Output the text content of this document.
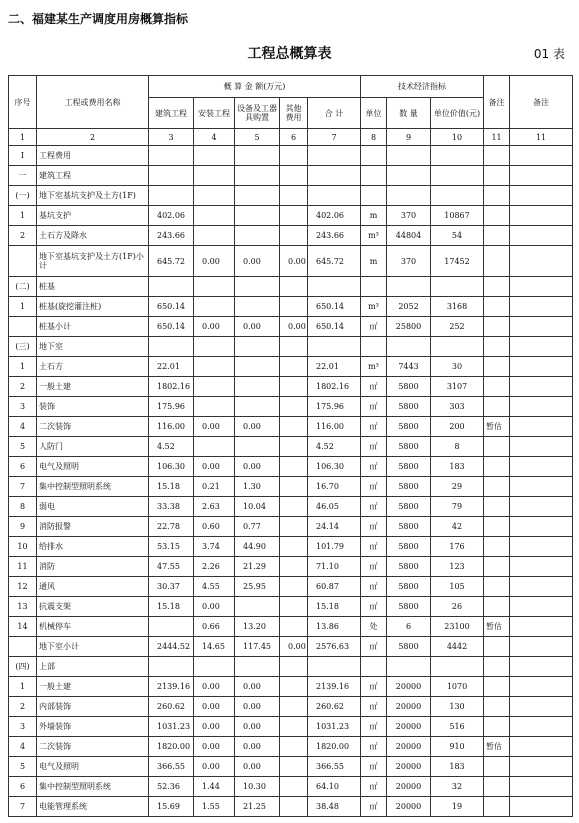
二、福建某生产调度用房概算指标
工程总概算表	01 表
序号	工程或费用名称	概 算 金 额(万元)					技术经济指标			备注	备注
		建筑工程	安装工程	设备及工器具购置	其他费用	合 计	单位	数 量	单位价值(元)		
1	2	3	4	5	6	7	8	9	10	11	11
Ⅰ	工程费用										
一	建筑工程										
(一)	地下室基坑支护及土方(1F)										
1	基坑支护	402.06				402.06	m	370	10867		
2	土石方及降水	243.66				243.66	m³	44804	54		
	地下室基坑支护及土方(1F)小计	645.72	0.00	0.00	0.00	645.72	m	370	17452		
(二)	桩基										
1	桩基(旋挖灌注桩)	650.14				650.14	m³	2052	3168		
	桩基小计	650.14	0.00	0.00	0.00	650.14	㎡	25800	252		
(三)	地下室										
1	土石方	22.01				22.01	m³	7443	30		
2	一般土建	1802.16				1802.16	㎡	5800	3107		
3	装饰	175.96				175.96	㎡	5800	303		
4	二次装饰	116.00	0.00	0.00		116.00	㎡	5800	200	暂估	
5	人防门	4.52				4.52	㎡	5800	8		
6	电气及照明	106.30	0.00	0.00		106.30	㎡	5800	183		
7	集中控制型照明系统	15.18	0.21	1.30		16.70	㎡	5800	29		
8	弱电	33.38	2.63	10.04		46.05	㎡	5800	79		
9	消防报警	22.78	0.60	0.77		24.14	㎡	5800	42		
10	给排水	53.15	3.74	44.90		101.79	㎡	5800	176		
11	消防	47.55	2.26	21.29		71.10	㎡	5800	123		
12	通风	30.37	4.55	25.95		60.87	㎡	5800	105		
13	抗震支架	15.18	0.00			15.18	㎡	5800	26		
14	机械停车		0.66	13.20		13.86	处	6	23100	暂估	
	地下室小计	2444.52	14.65	117.45	0.00	2576.63	㎡	5800	4442		
(四)	上部										
1	一般土建	2139.16	0.00	0.00		2139.16	㎡	20000	1070		
2	内部装饰	260.62	0.00	0.00		260.62	㎡	20000	130		
3	外墙装饰	1031.23	0.00	0.00		1031.23	㎡	20000	516		
4	二次装饰	1820.00	0.00	0.00		1820.00	㎡	20000	910	暂估	
5	电气及照明	366.55	0.00	0.00		366.55	㎡	20000	183		
6	集中控制型照明系统	52.36	1.44	10.30		64.10	㎡	20000	32		
7	电能管理系统	15.69	1.55	21.25		38.48	㎡	20000	19		
